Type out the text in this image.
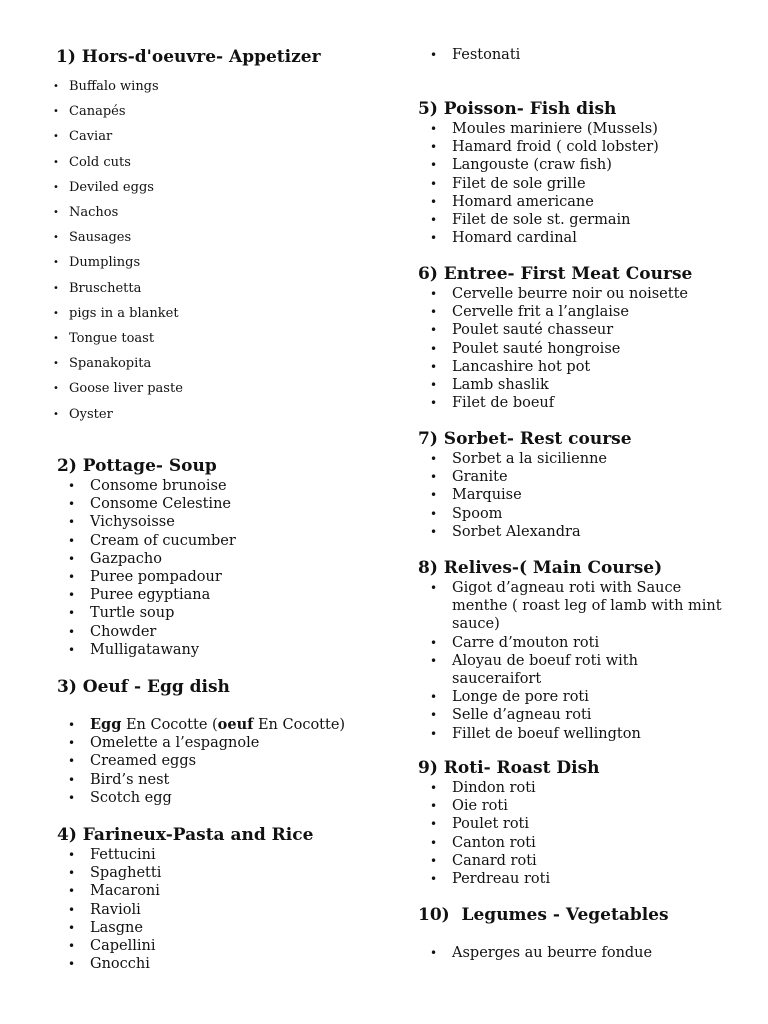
1) Hors-d'oeuvre- Appetizer
• Buffalo wings
• Canapés
• Caviar
• Cold cuts
• Deviled eggs
• Nachos
• Sausages
• Dumplings
• Bruschetta
• pigs in a blanket
• Tongue toast
• Spanakopita
• Goose liver paste
• Oyster
2) Pottage- Soup
• Consome brunoise
• Consome Celestine
• Vichysoisse
• Cream of cucumber
• Gazpacho
• Puree pompadour
• Puree egyptiana
• Turtle soup
• Chowder
• Mulligatawany
3) Oeuf - Egg dish
• Egg En Cocotte (oeuf En Cocotte)
• Omelette a l’espagnole
• Creamed eggs
• Bird’s nest
• Scotch egg
4) Farineux-Pasta and Rice
• Fettucini
• Spaghetti
• Macaroni
• Ravioli
• Lasgne
• Capellini
• Gnocchi
• Festonati
5) Poisson- Fish dish
• Moules mariniere (Mussels)
• Hamard froid ( cold lobster)
• Langouste (craw fish)
• Filet de sole grille
• Homard americane
• Filet de sole st. germain
• Homard cardinal
6) Entree- First Meat Course
• Cervelle beurre noir ou noisette
• Cervelle frit a l’anglaise
• Poulet sauté chasseur
• Poulet sauté hongroise
• Lancashire hot pot
• Lamb shaslik
• Filet de boeuf
7) Sorbet- Rest course
• Sorbet a la sicilienne
• Granite
• Marquise
• Spoom
• Sorbet Alexandra
8) Relives-( Main Course)
• Gigot d’agneau roti with Sauce menthe ( roast leg of lamb with mint sauce)
• Carre d’mouton roti
• Aloyau de boeuf roti with sauceraifort
• Longe de pore roti
• Selle d’agneau roti
• Fillet de boeuf wellington
9) Roti- Roast Dish
• Dindon roti
• Oie roti
• Poulet roti
• Canton roti
• Canard roti
• Perdreau roti
10)  Legumes - Vegetables
• Asperges au beurre fondue
